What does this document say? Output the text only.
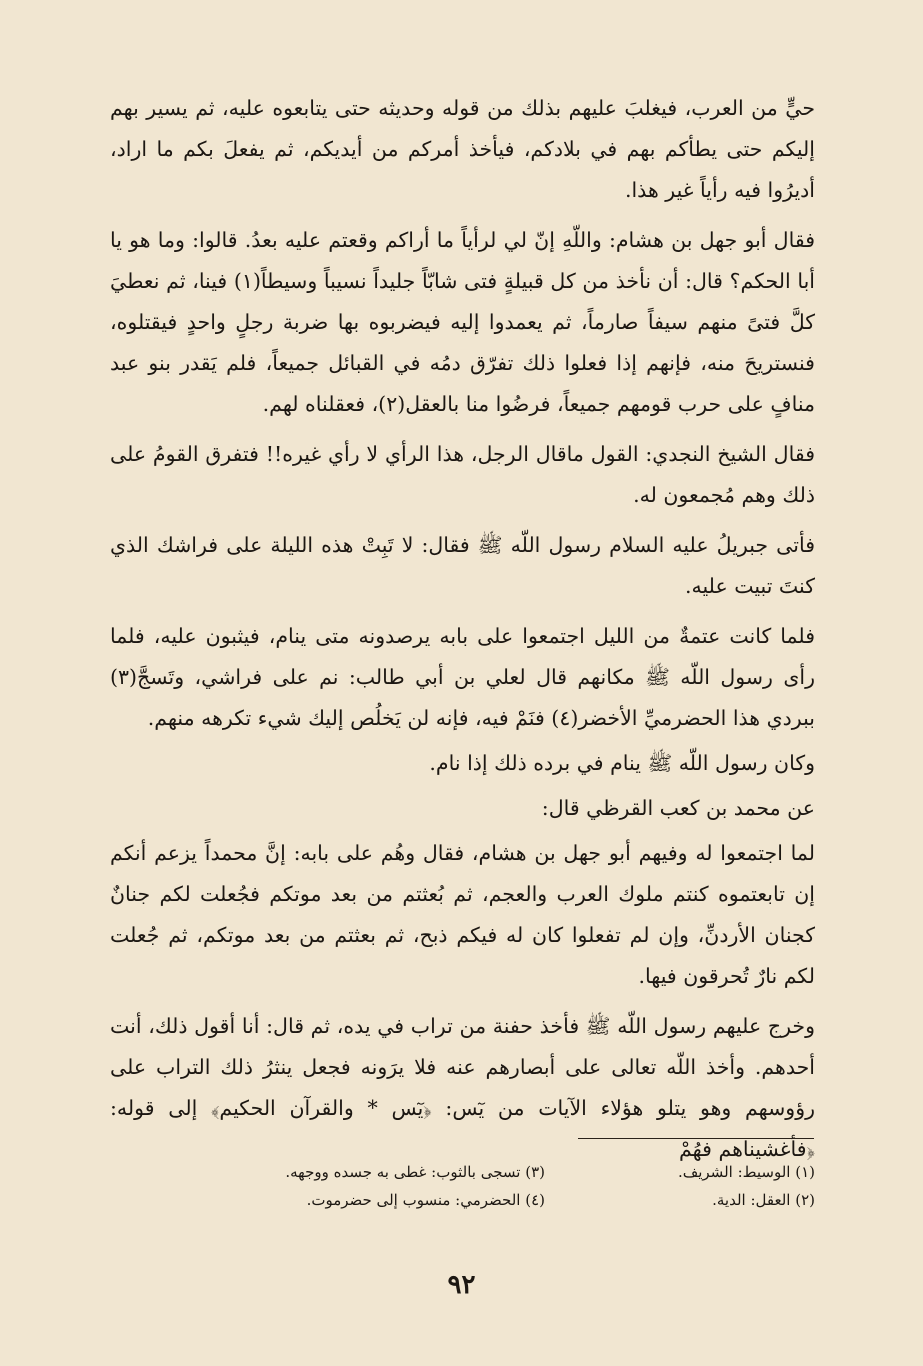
حيٍّ من العرب، فيغلبَ عليهم بذلك من قوله وحديثه حتى يتابعوه عليه، ثم يسير بهم إليكم حتى يطأكم بهم في بلادكم، فيأخذ أمركم من أيديكم، ثم يفعلَ بكم ما اراد، أديرُوا فيه رأياً غير هذا.

فقال أبو جهل بن هشام: واللّهِ إنّ لي لرأياً ما أراكم وقعتم عليه بعدُ. قالوا: وما هو يا أبا الحكم؟ قال: أن نأخذ من كل قبيلةٍ فتى شابّاً جليداً نسيباً وسيطاً(١) فينا، ثم نعطيَ كلَّ فتىً منهم سيفاً صارماً، ثم يعمدوا إليه فيضربوه بها ضربة رجلٍ واحدٍ فيقتلوه، فنستريحَ منه، فإنهم إذا فعلوا ذلك تفرّق دمُه في القبائل جميعاً، فلم يَقدر بنو عبد منافٍ على حرب قومهم جميعاً، فرضُوا منا بالعقل(٢)، فعقلناه لهم.

فقال الشيخ النجدي: القول ماقال الرجل، هذا الرأي لا رأي غيره!! فتفرق القومُ على ذلك وهم مُجمعون له.

فأتى جبريلُ عليه السلام رسول اللّه ﷺ فقال: لا تَبِتْ هذه الليلة على فراشك الذي كنتَ تبيت عليه.

فلما كانت عتمةٌ من الليل اجتمعوا على بابه يرصدونه متى ينام، فيثبون عليه، فلما رأى رسول اللّه ﷺ مكانهم قال لعلي بن أبي طالب: نم على فراشي، وتَسجَّ(٣) ببردي هذا الحضرميِّ الأخضر(٤) فنَمْ فيه، فإنه لن يَخلُص إليك شيء تكرهه منهم.

وكان رسول اللّه ﷺ ينام في برده ذلك إذا نام.

عن محمد بن كعب القرظي قال:

لما اجتمعوا له وفيهم أبو جهل بن هشام، فقال وهُم على بابه: إنَّ محمداً يزعم أنكم إن تابعتموه كنتم ملوك العرب والعجم، ثم بُعثتم من بعد موتكم فجُعلت لكم جنانٌ كجنان الأردنِّ، وإن لم تفعلوا كان له فيكم ذبح، ثم بعثتم من بعد موتكم، ثم جُعلت لكم نارٌ تُحرقون فيها.

وخرج عليهم رسول اللّه ﷺ فأخذ حفنة من تراب في يده، ثم قال: أنا أقول ذلك، أنت أحدهم. وأخذ اللّه تعالى على أبصارهم عنه فلا يرَونه فجعل ينثرُ ذلك التراب على رؤوسهم وهو يتلو هؤلاء الآيات من يٓس: ﴿يٓس * والقرآن الحكيم﴾ إلى قوله: ﴿فأغشيناهم فهُمْ

(١) الوسيط: الشريف.
(٣) تسجى بالثوب: غطى به جسده ووجهه.
(٢) العقل: الدية.
(٤) الحضرمي: منسوب إلى حضرموت.
٩٢
